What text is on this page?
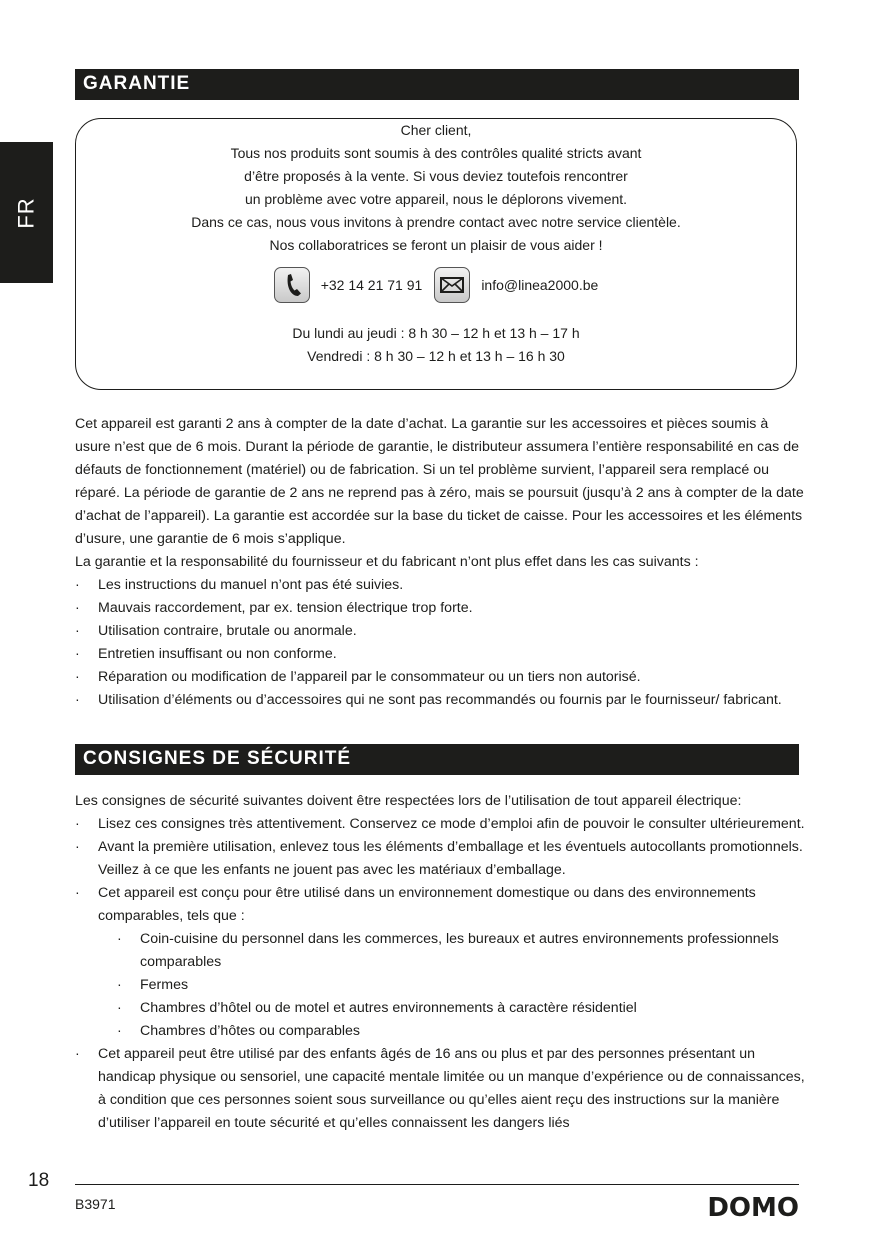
FR
GARANTIE
Cher client,
Tous nos produits sont soumis à des contrôles qualité stricts avant
d’être proposés à la vente. Si vous deviez toutefois rencontrer
un problème avec votre appareil, nous le déplorons vivement.
Dans ce cas, nous vous invitons à prendre contact avec notre service clientèle.
Nos collaboratrices se feront un plaisir de vous aider !
+32 14 21 71 91	info@linea2000.be
Du lundi au jeudi : 8 h 30 – 12 h et 13 h – 17 h
Vendredi : 8 h 30 – 12 h et 13 h – 16 h 30

Cet appareil est garanti 2 ans à compter de la date d’achat. La garantie sur les accessoires et pièces soumis à usure n’est que de 6 mois. Durant la période de garantie, le distributeur assumera l’entière responsabilité en cas de défauts de fonctionnement (matériel) ou de fabrication. Si un tel problème survient, l’appareil sera remplacé ou réparé. La période de garantie de 2 ans ne reprend pas à zéro, mais se poursuit (jusqu’à 2 ans à compter de la date d’achat de l’appareil). La garantie est accordée sur la base du ticket de caisse. Pour les accessoires et les éléments d’usure, une garantie de 6 mois s’applique.

La garantie et la responsabilité du fournisseur et du fabricant n’ont plus effet dans les cas suivants :

· Les instructions du manuel n’ont pas été suivies.
· Mauvais raccordement, par ex. tension électrique trop forte.
· Utilisation contraire, brutale ou anormale.
· Entretien insuffisant ou non conforme.
· Réparation ou modification de l’appareil par le consommateur ou un tiers non autorisé.
· Utilisation d’éléments ou d’accessoires qui ne sont pas recommandés ou fournis par le fournisseur/ fabricant.
CONSIGNES DE SÉCURITÉ

Les consignes de sécurité suivantes doivent être respectées lors de l’utilisation de tout appareil électrique:

· Lisez ces consignes très attentivement. Conservez ce mode d’emploi afin de pouvoir le consulter ultérieurement.
· Avant la première utilisation, enlevez tous les éléments d’emballage et les éventuels autocollants promotionnels. Veillez à ce que les enfants ne jouent pas avec les matériaux d’emballage.
· Cet appareil est conçu pour être utilisé dans un environnement domestique ou dans des environnements comparables, tels que :
· Coin-cuisine du personnel dans les commerces, les bureaux et autres environnements professionnels comparables
· Fermes
· Chambres d’hôtel ou de motel et autres environnements à caractère résidentiel
· Chambres d’hôtes ou comparables
· Cet appareil peut être utilisé par des enfants âgés de 16 ans ou plus et par des personnes présentant un handicap physique ou sensoriel, une capacité mentale limitée ou un manque d’expérience ou de connaissances, à condition que ces personnes soient sous surveillance ou qu’elles aient reçu des instructions sur la manière d’utiliser l’appareil en toute sécurité et qu’elles connaissent les dangers liés
18
B3971	DOMO
